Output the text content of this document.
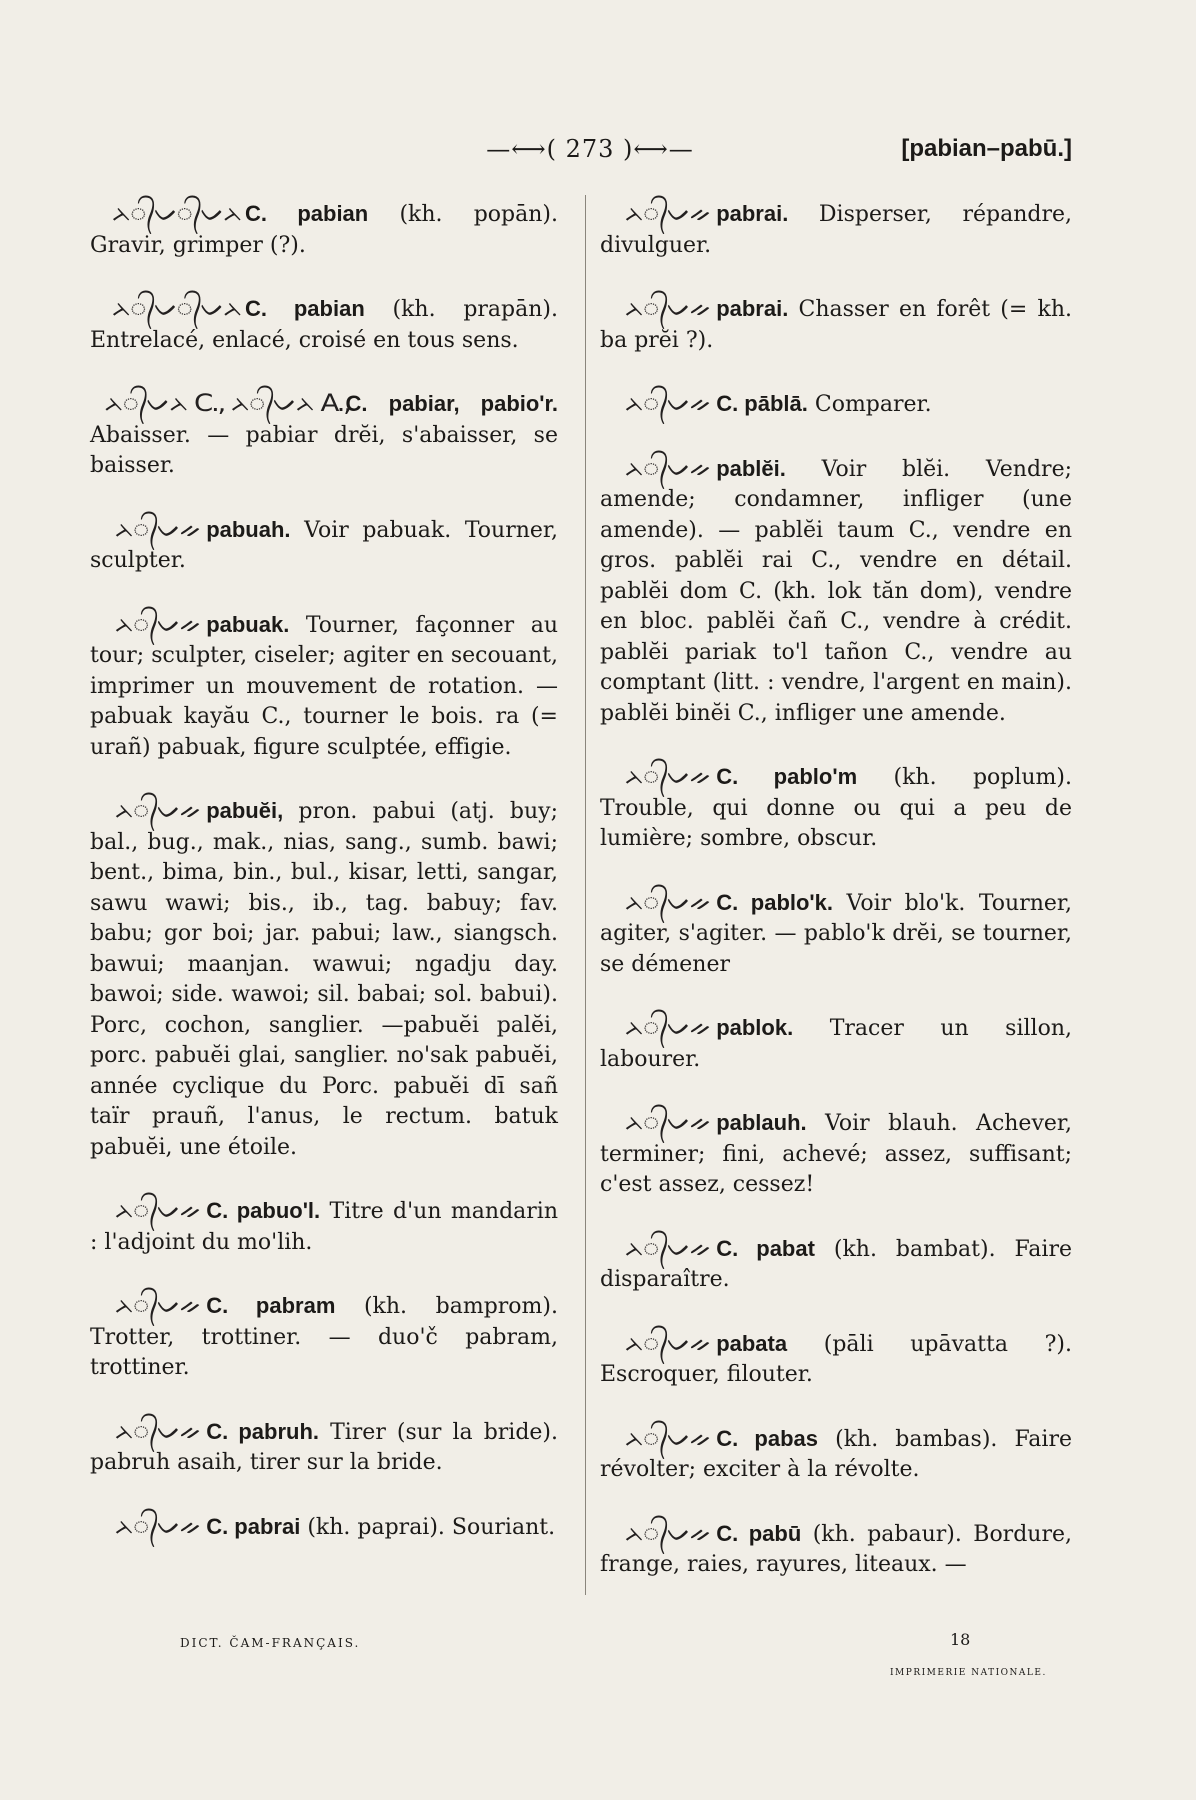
—⟷( 273 )⟷—	[pabian–pabū.]

ᨂ᭄ᨆ᭄ᨆᨂ C. pabian (kh. popān). Gravir, grimper (?).

ᨂ᭄ᨆ᭄ᨆᨂ C. pabian (kh. prapān). Entrelacé, enlacé, croisé en tous sens.

ᨂ᭄ᨆᨂ C., ᨂ᭄ᨆᨂ A.,C. pabiar, pabio'r. Abaisser. — pabiar drĕi, s'abaisser, se baisser.

ᨂ᭄ᨆᨀ pabuah. Voir pabuak. Tourner, sculpter.

ᨂ᭄ᨆᨀ pabuak. Tourner, façonner au tour; sculpter, ciseler; agiter en secouant, imprimer un mouvement de rotation. — pabuak kayău C., tourner le bois. ra (= urañ) pabuak, figure sculptée, effigie.

ᨂ᭄ᨆᨀ pabuĕi, pron. pabui (atj. buy; bal., bug., mak., nias, sang., sumb. bawi; bent., bima, bin., bul., kisar, letti, sangar, sawu wawi; bis., ib., tag. babuy; fav. babu; gor boi; jar. pabui; law., siangsch. bawui; maanjan. wawui; ngadju day. bawoi; side. wawoi; sil. babai; sol. babui). Porc, cochon, sanglier. —pabuĕi palĕi, porc. pabuĕi glai, sanglier. no'sak pabuĕi, année cyclique du Porc. pabuĕi dī sañ taïr prauñ, l'anus, le rectum. batuk pabuĕi, une étoile.

ᨂ᭄ᨆᨀ C. pabuo'l. Titre d'un mandarin : l'adjoint du mo'lih.

ᨂ᭄ᨆᨀ C. pabram (kh. bamprom). Trotter, trottiner. — duo'č pabram, trottiner.

ᨂ᭄ᨆᨀ C. pabruh. Tirer (sur la bride). pabruh asaih, tirer sur la bride.

ᨂ᭄ᨆᨀ C. pabrai (kh. paprai). Souriant.

ᨂ᭄ᨆᨀ pabrai. Disperser, répandre, divulguer.

ᨂ᭄ᨆᨀ pabrai. Chasser en forêt (= kh. ba prĕi ?).

ᨂ᭄ᨆᨀ C. pāblā. Comparer.

ᨂ᭄ᨆᨀ pablĕi. Voir blĕi. Vendre; amende; condamner, infliger (une amende). — pablĕi taum C., vendre en gros. pablĕi rai C., vendre en détail. pablĕi dom C. (kh. lok tăn dom), vendre en bloc. pablĕi čañ C., vendre à crédit. pablĕi pariak to'l tañon C., vendre au comptant (litt. : vendre, l'argent en main). pablĕi binĕi C., infliger une amende.

ᨂ᭄ᨆᨀ C. pablo'm (kh. poplum). Trouble, qui donne ou qui a peu de lumière; sombre, obscur.

ᨂ᭄ᨆᨀ C. pablo'k. Voir blo'k. Tourner, agiter, s'agiter. — pablo'k drĕi, se tourner, se démener

ᨂ᭄ᨆᨀ pablok. Tracer un sillon, labourer.

ᨂ᭄ᨆᨀ pablauh. Voir blauh. Achever, terminer; fini, achevé; assez, suffisant; c'est assez, cessez!

ᨂ᭄ᨆᨀ C. pabat (kh. bambat). Faire disparaître.

ᨂ᭄ᨆᨀ pabata (pāli upāvatta ?). Escroquer, filouter.

ᨂ᭄ᨆᨀ C. pabas (kh. bambas). Faire révolter; exciter à la révolte.

ᨂ᭄ᨆᨀ C. pabū (kh. pabaur). Bordure, frange, raies, rayures, liteaux. —

DICT. ČAM-FRANÇAIS.	18
IMPRIMERIE NATIONALE.
